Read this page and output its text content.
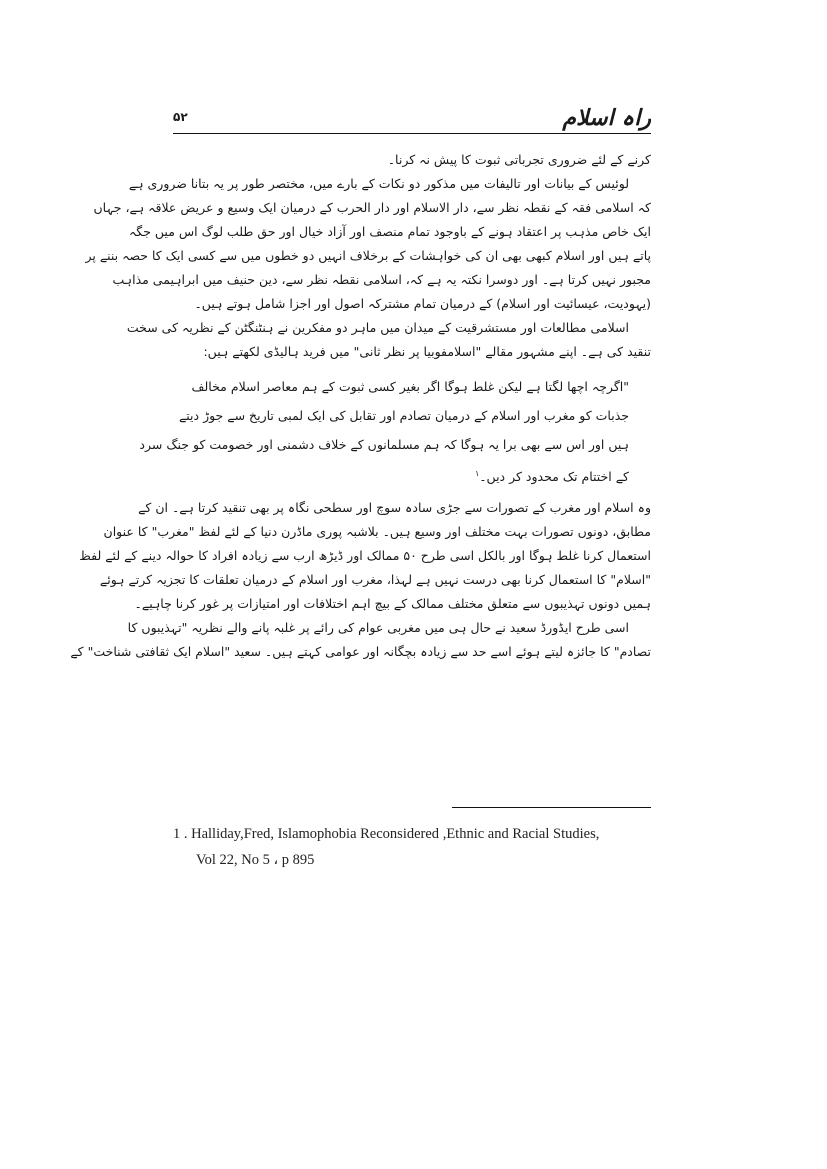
راہ اسلام
۵۲
کرنے کے لئے ضروری تجرباتی ثبوت کا پیش نہ کرنا۔
لوئیس کے بیانات اور تالیفات میں مذکور دو نکات کے بارے میں، مختصر طور پر یہ بتانا ضروری ہے
کہ اسلامی فقہ کے نقطہ نظر سے، دار الاسلام اور دار الحرب کے درمیان ایک وسیع و عریض علاقہ ہے، جہاں
ایک خاص مذہب پر اعتقاد ہونے کے باوجود تمام منصف اور آزاد خیال اور حق طلب لوگ اس میں جگہ
پاتے ہیں اور اسلام کبھی بھی ان کی خواہشات کے برخلاف انہیں دو خطوں میں سے کسی ایک کا حصہ بننے پر
مجبور نہیں کرتا ہے۔ اور دوسرا نکتہ یہ ہے کہ، اسلامی نقطہ نظر سے، دین حنیف میں ابراہیمی مذاہب
(یہودیت، عیسائیت اور اسلام) کے درمیان تمام مشترکہ اصول اور اجزا شامل ہوتے ہیں۔
اسلامی مطالعات اور مستشرقیت کے میدان میں ماہر دو مفکرین نے ہنٹنگٹن کے نظریہ کی سخت
تنقید کی ہے۔ اپنے مشہور مقالے "اسلامفوبیا پر نظر ثانی" میں فرید ہالیڈی لکھتے ہیں:
"اگرچہ اچھا لگتا ہے لیکن غلط ہوگا اگر بغیر کسی ثبوت کے ہم معاصر اسلام مخالف
جذبات کو مغرب اور اسلام کے درمیان تصادم اور تقابل کی ایک لمبی تاریخ سے جوڑ دیتے
ہیں اور اس سے بھی برا یہ ہوگا کہ ہم مسلمانوں کے خلاف دشمنی اور خصومت کو جنگ سرد
کے اختتام تک محدود کر دیں۔$^۱$
وہ اسلام اور مغرب کے تصورات سے جڑی سادہ سوچ اور سطحی نگاہ پر بھی تنقید کرتا ہے۔ ان کے
مطابق، دونوں تصورات بہت مختلف اور وسیع ہیں۔ بلاشبہ پوری ماڈرن دنیا کے لئے لفظ "مغرب" کا عنوان
استعمال کرنا غلط ہوگا اور بالکل اسی طرح ۵۰ ممالک اور ڈیڑھ ارب سے زیادہ افراد کا حوالہ دینے کے لئے لفظ
"اسلام" کا استعمال کرنا بھی درست نہیں ہے لہذا، مغرب اور اسلام کے درمیان تعلقات کا تجزیہ کرتے ہوئے
ہمیں دونوں تہذیبوں سے متعلق مختلف ممالک کے بیچ اہم اختلافات اور امتیازات پر غور کرنا چاہیے۔
اسی طرح ایڈورڈ سعید نے حال ہی میں مغربی عوام کی رائے پر غلبہ پانے والے نظریہ "تہذیبوں کا
تصادم" کا جائزہ لیتے ہوئے اسے حد سے زیادہ بچگانہ اور عوامی کہتے ہیں۔ سعید "اسلام ایک ثقافتی شناخت" کے
1 . Halliday,Fred, Islamophobia Reconsidered ,Ethnic and Racial Studies,
Vol 22, No 5 ، p 895
